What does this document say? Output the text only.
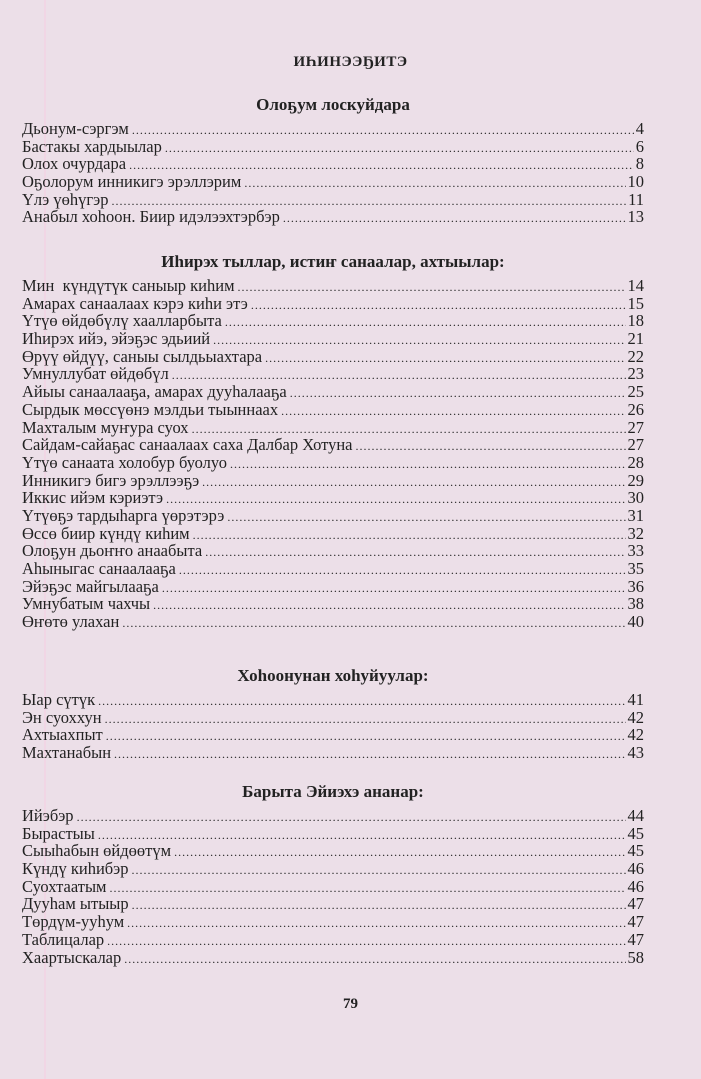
ИҺИНЭЭҔИТЭ
Олоҕум лоскуйдара
Дьонум-сэргэм .....	4
Бастакы хардыылар .....	6
Олох очурдара .....	8
Оҕолорум инникигэ эрэллэрим .....	10
Үлэ үөһүгэр .....	11
Анабыл хоһоон. Биир идэлээхтэрбэр .....	13
Иһирэх тыллар, истиҥ санаалар, ахтыылар:
Мин  күндүтүк саныыр киһим .....	14
Амарах санаалаах кэрэ киһи этэ .....	15
Үтүө өйдөбүлү хаалларбыта .....	18
Иһирэх ийэ, эйэҕэс эдьиий .....	21
Өрүү өйдүү, саныы сылдьыахтара .....	22
Умнуллубат өйдөбүл .....	23
Айыы санаалааҕа, амарах дууһалааҕа .....	25
Сырдык мөссүөнэ мэлдьи тыыннаах .....	26
Махталым муҥура суох .....	27
Сайдам-сайаҕас санаалаах саха Далбар Хотуна .....	27
Үтүө санаата холобур буолуо .....	28
Инникигэ бигэ эрэллээҕэ .....	29
Иккис ийэм кэриэтэ .....	30
Үтүөҕэ тардыһарга үөрэтэрэ .....	31
Өссө биир күндү киһим .....	32
Олоҕун дьоҥҥо анаабыта .....	33
Аһыныгас санаалааҕа .....	35
Эйэҕэс майгылааҕа .....	36
Умнубатым чахчы .....	38
Өҥөтө улахан .....	40
Хоһоонунан хоһуйуулар:
Ыар сүтүк .....	41
Эн суоххун .....	42
Ахтыахпыт .....	42
Махтанабын .....	43
Барыта Эйиэхэ ананар:
Ийэбэр .....	44
Бырастыы .....	45
Сыыһабын өйдөөтүм .....	45
Күндү киһибэр .....	46
Суохтаатым .....	46
Дууһам ытыыр .....	47
Төрдүм-ууһум .....	47
Таблицалар .....	47
Хаартыскалар .....	58
79
